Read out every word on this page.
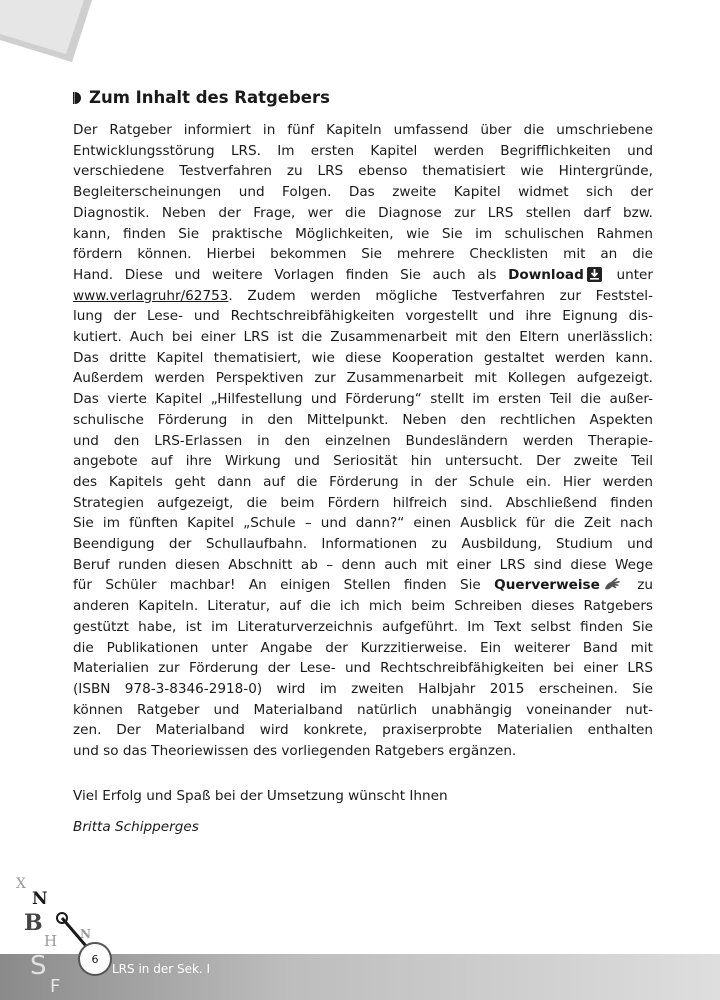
Zum Inhalt des Ratgebers

Der Ratgeber informiert in fünf Kapiteln umfassend über die umschriebene
Entwicklungsstörung LRS. Im ersten Kapitel werden Begrifflichkeiten und
verschiedene Testverfahren zu LRS ebenso thematisiert wie Hintergründe,
Begleiterscheinungen und Folgen. Das zweite Kapitel widmet sich der
Diagnostik. Neben der Frage, wer die Diagnose zur LRS stellen darf bzw.
kann, finden Sie praktische Möglichkeiten, wie Sie im schulischen Rahmen
fördern können. Hierbei bekommen Sie mehrere Checklisten mit an die
Hand. Diese und weitere Vorlagen finden Sie auch als Download unter
www.verlagruhr/62753. Zudem werden mögliche Testverfahren zur Feststel-
lung der Lese- und Rechtschreibfähigkeiten vorgestellt und ihre Eignung dis-
kutiert. Auch bei einer LRS ist die Zusammenarbeit mit den Eltern unerlässlich:
Das dritte Kapitel thematisiert, wie diese Kooperation gestaltet werden kann.
Außerdem werden Perspektiven zur Zusammenarbeit mit Kollegen aufgezeigt.
Das vierte Kapitel „Hilfestellung und Förderung“ stellt im ersten Teil die außer-
schulische Förderung in den Mittelpunkt. Neben den rechtlichen Aspekten
und den LRS-Erlassen in den einzelnen Bundesländern werden Therapie-
angebote auf ihre Wirkung und Seriosität hin untersucht. Der zweite Teil
des Kapitels geht dann auf die Förderung in der Schule ein. Hier werden
Strategien aufgezeigt, die beim Fördern hilfreich sind. Abschließend finden
Sie im fünften Kapitel „Schule – und dann?“ einen Ausblick für die Zeit nach
Beendigung der Schullaufbahn. Informationen zu Ausbildung, Studium und
Beruf runden diesen Abschnitt ab – denn auch mit einer LRS sind diese Wege
für Schüler machbar! An einigen Stellen finden Sie Querverweise zu
anderen Kapiteln. Literatur, auf die ich mich beim Schreiben dieses Ratgebers
gestützt habe, ist im Literaturverzeichnis aufgeführt. Im Text selbst finden Sie
die Publikationen unter Angabe der Kurzzitierweise. Ein weiterer Band mit
Materialien zur Förderung der Lese- und Rechtschreibfähigkeiten bei einer LRS
(ISBN 978-3-8346-2918-0) wird im zweiten Halbjahr 2015 erscheinen. Sie
können Ratgeber und Materialband natürlich unabhängig voneinander nut-
zen. Der Materialband wird konkrete, praxiserprobte Materialien enthalten
und so das Theoriewissen des vorliegenden Ratgebers ergänzen.

Viel Erfolg und Spaß bei der Umsetzung wünscht Ihnen

Britta Schipperges

X
N
B
H N
S
F
6
LRS in der Sek. I
